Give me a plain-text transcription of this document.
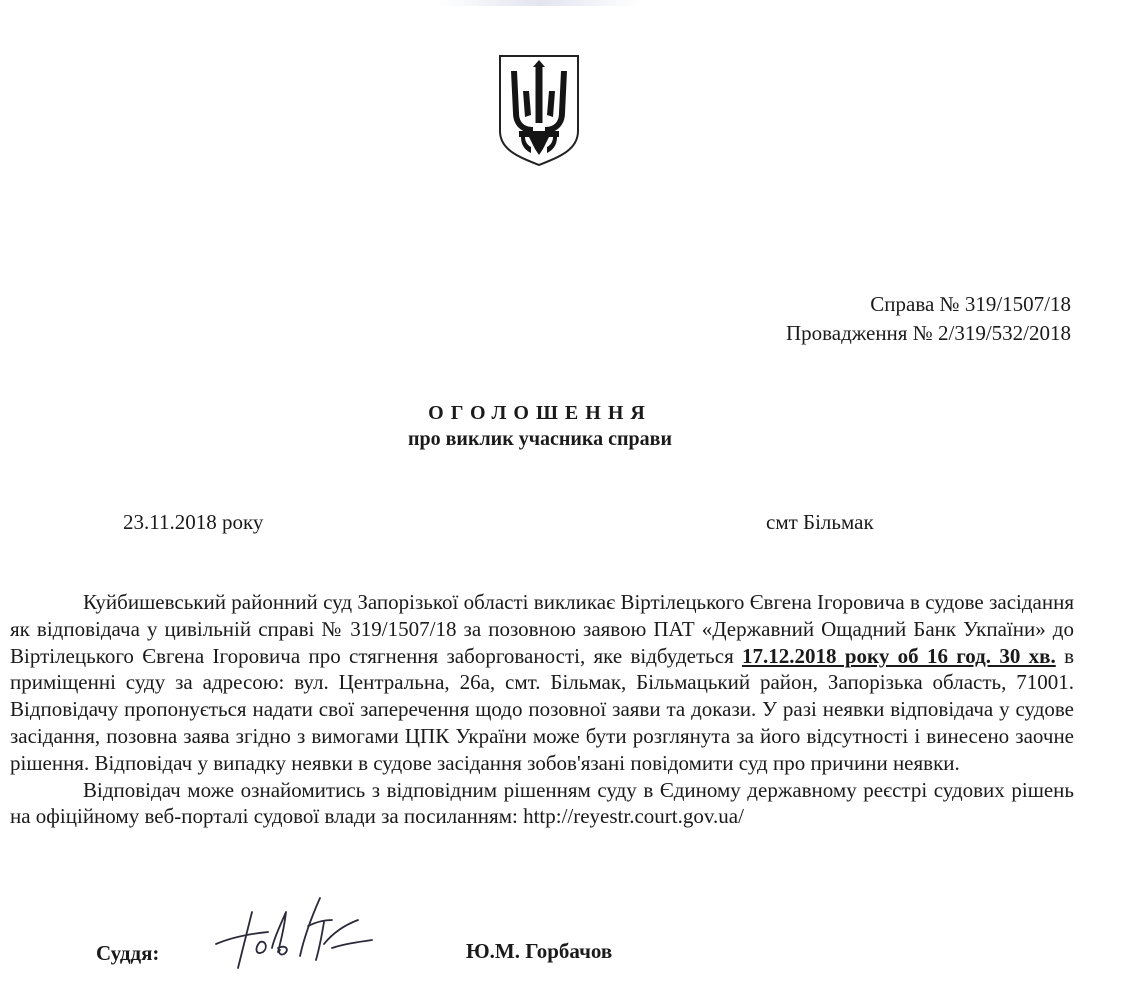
Справа № 319/1507/18
Провадження № 2/319/532/2018
ОГОЛОШЕННЯ
про виклик учасника справи
23.11.2018 року	смт Більмак

Куйбишевський районний суд Запорізької області викликає Віртілецького Євгена Ігоровича в судове засідання як відповідача у цивільній справі № 319/1507/18 за позовною заявою ПАТ «Державний Ощадний Банк Укпаїни» до Віртілецького Євгена Ігоровича про стягнення заборгованості, яке відбудеться 17.12.2018 року об 16 год. 30 хв. в приміщенні суду за адресою: вул. Центральна, 26а, смт. Більмак, Більмацький район, Запорізька область, 71001. Відповідачу пропонується надати свої заперечення щодо позовної заяви та докази. У разі неявки відповідача у судове засідання, позовна заява згідно з вимогами ЦПК України може бути розглянута за його відсутності і винесено заочне рішення. Відповідач у випадку неявки в судове засідання зобов'язані повідомити суд про причини неявки.

Відповідач може ознайомитись з відповідним рішенням суду в Єдиному державному реєстрі судових рішень на офіційному веб-порталі судової влади за посиланням: http://reyestr.court.gov.ua/

Суддя:	Ю.М. Горбачов
